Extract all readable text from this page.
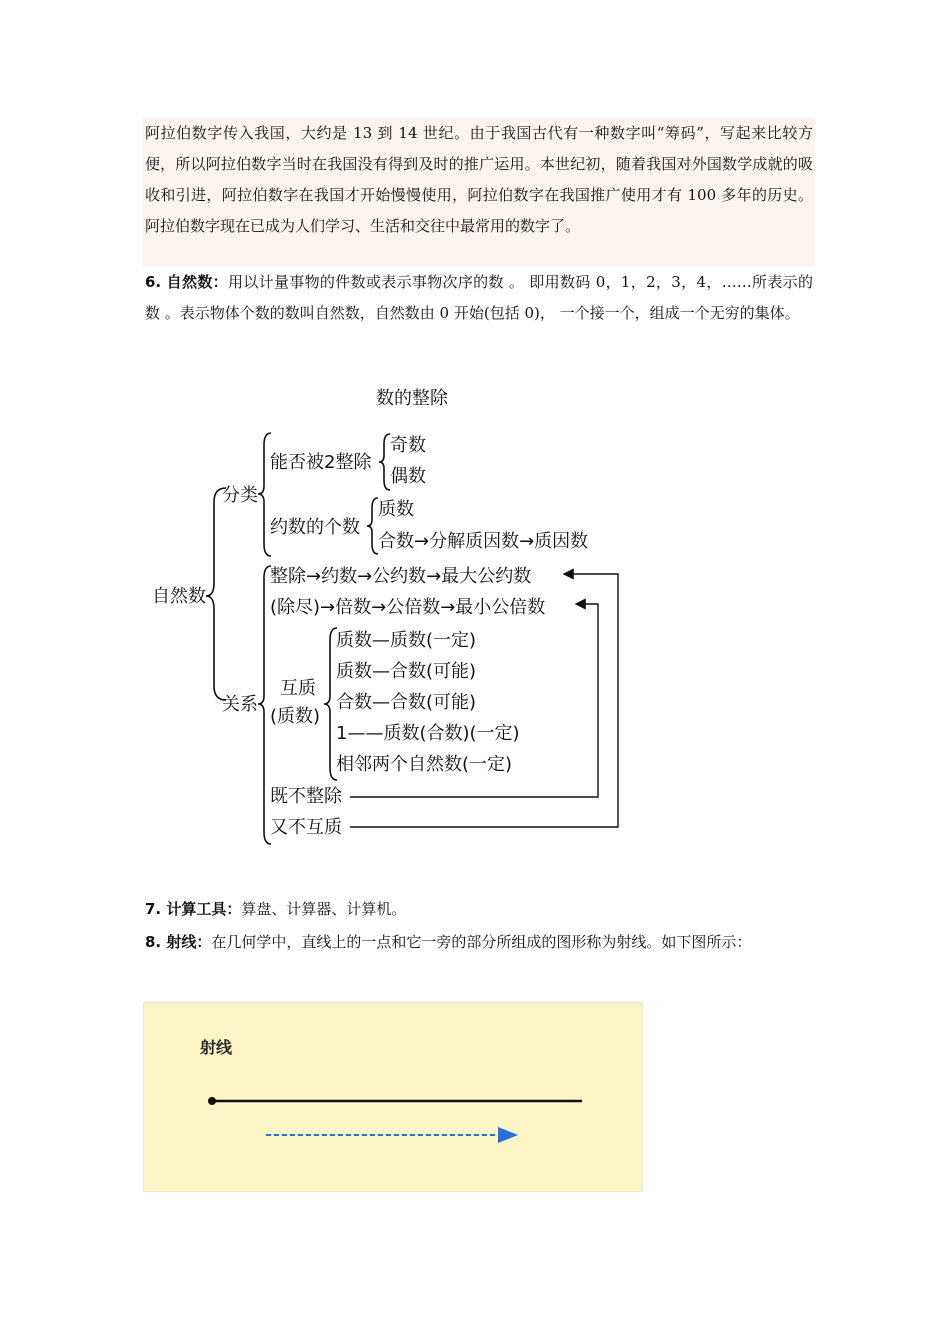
阿拉伯数字传入我国，大约是 13 到 14 世纪。由于我国古代有一种数字叫“筹码”，写起来比较方便，所以阿拉伯数字当时在我国没有得到及时的推广运用。本世纪初，随着我国对外国数学成就的吸收和引进，阿拉伯数字在我国才开始慢慢使用，阿拉伯数字在我国推广使用才有 100 多年的历史。阿拉伯数字现在已成为人们学习、生活和交往中最常用的数字了。

6. 自然数：用以计量事物的件数或表示事物次序的数 。 即用数码 0，1，2，3，4，……所表示的数 。表示物体个数的数叫自然数，自然数由 0 开始(包括 0)， 一个接一个，组成一个无穷的集体。

数的整除
自然数
分类
关系
能否被2整除
奇数
偶数
约数的个数
质数
合数→分解质因数→质因数
整除→约数→公约数→最大公约数
(除尽)→倍数→公倍数→最小公倍数
互质
(质数)
质数—质数(一定)
质数—合数(可能)
合数—合数(可能)
1——质数(合数)(一定)
相邻两个自然数(一定)
既不整除
又不互质

7. 计算工具：算盘、计算器、计算机。

8. 射线：在几何学中，直线上的一点和它一旁的部分所组成的图形称为射线。如下图所示：

射线
